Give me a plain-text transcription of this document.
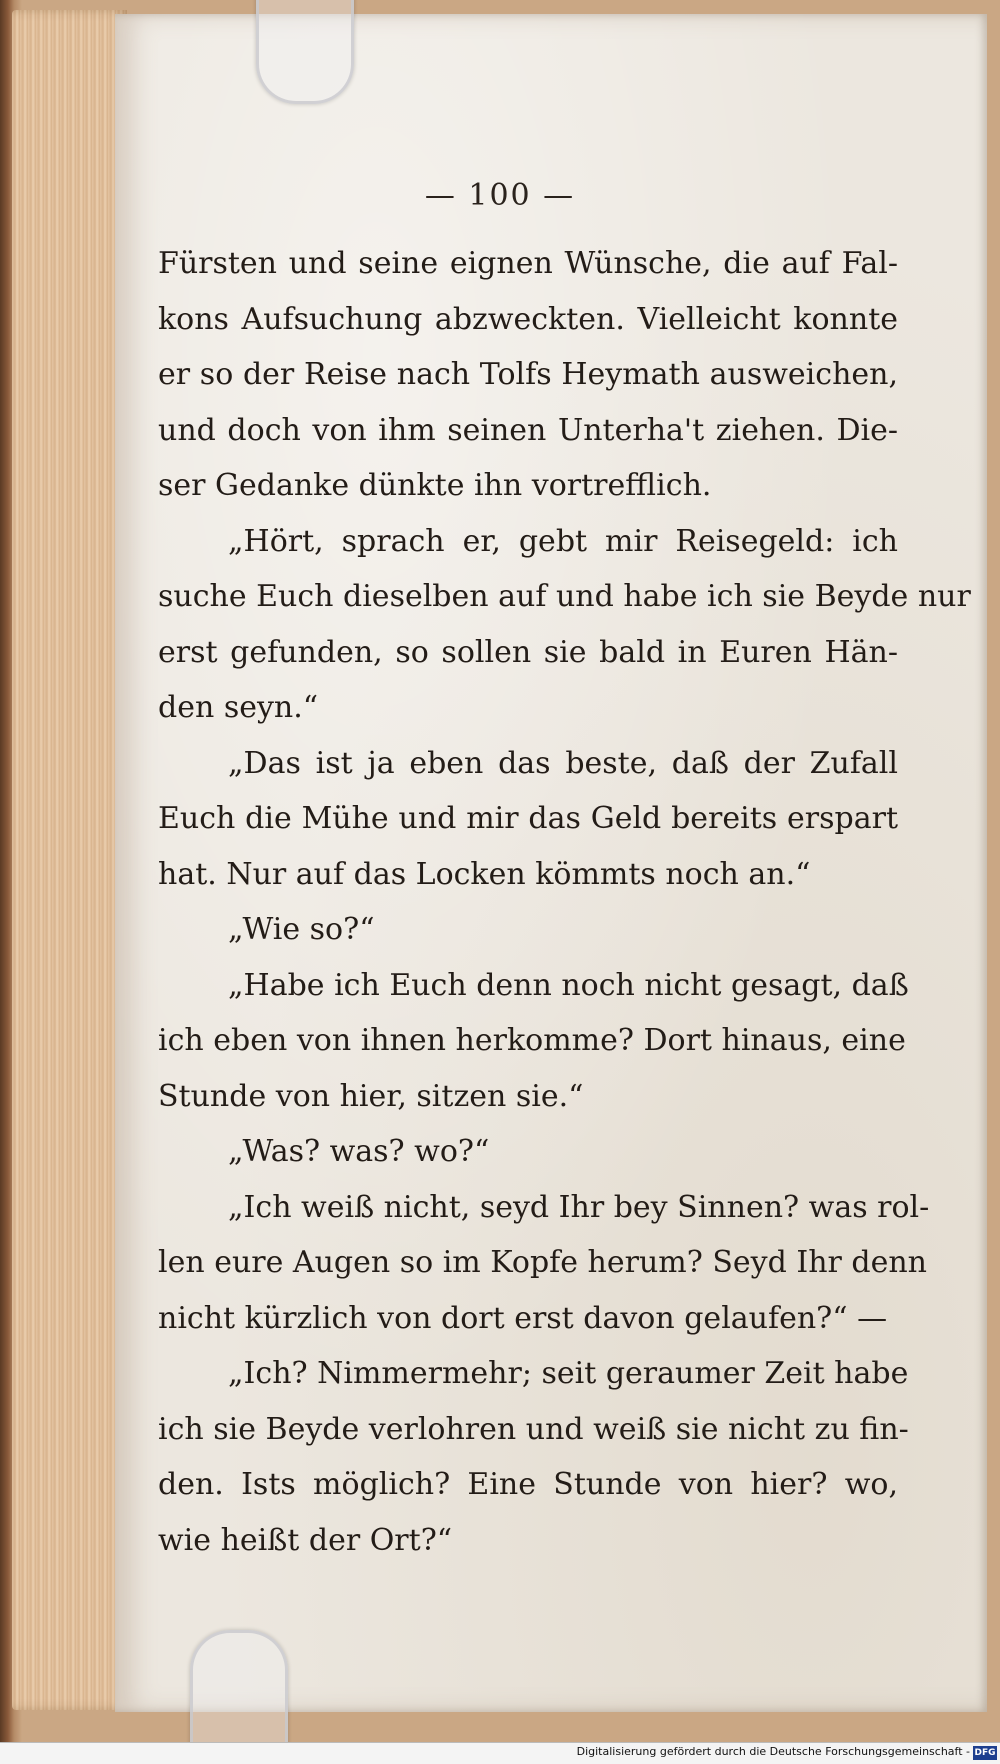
— 100 —
Fürsten und seine eignen Wünsche, die auf Fal-
kons Aufsuchung abzweckten. Vielleicht konnte
er so der Reise nach Tolfs Heymath ausweichen,
und doch von ihm seinen Unterha't ziehen. Die-
ser Gedanke dünkte ihn vortrefflich.
„Hört, sprach er, gebt mir Reisegeld: ich
suche Euch dieselben auf und habe ich sie Beyde nur
erst gefunden, so sollen sie bald in Euren Hän-
den seyn.“
„Das ist ja eben das beste, daß der Zufall
Euch die Mühe und mir das Geld bereits erspart
hat. Nur auf das Locken kömmts noch an.“
„Wie so?“
„Habe ich Euch denn noch nicht gesagt, daß
ich eben von ihnen herkomme? Dort hinaus, eine
Stunde von hier, sitzen sie.“
„Was? was? wo?“
„Ich weiß nicht, seyd Ihr bey Sinnen? was rol-
len eure Augen so im Kopfe herum? Seyd Ihr denn
nicht kürzlich von dort erst davon gelaufen?“ —
„Ich? Nimmermehr; seit geraumer Zeit habe
ich sie Beyde verlohren und weiß sie nicht zu fin-
den. Ists möglich? Eine Stunde von hier? wo,
wie heißt der Ort?“
Digitalisierung gefördert durch die Deutsche Forschungsgemeinschaft - DFG
